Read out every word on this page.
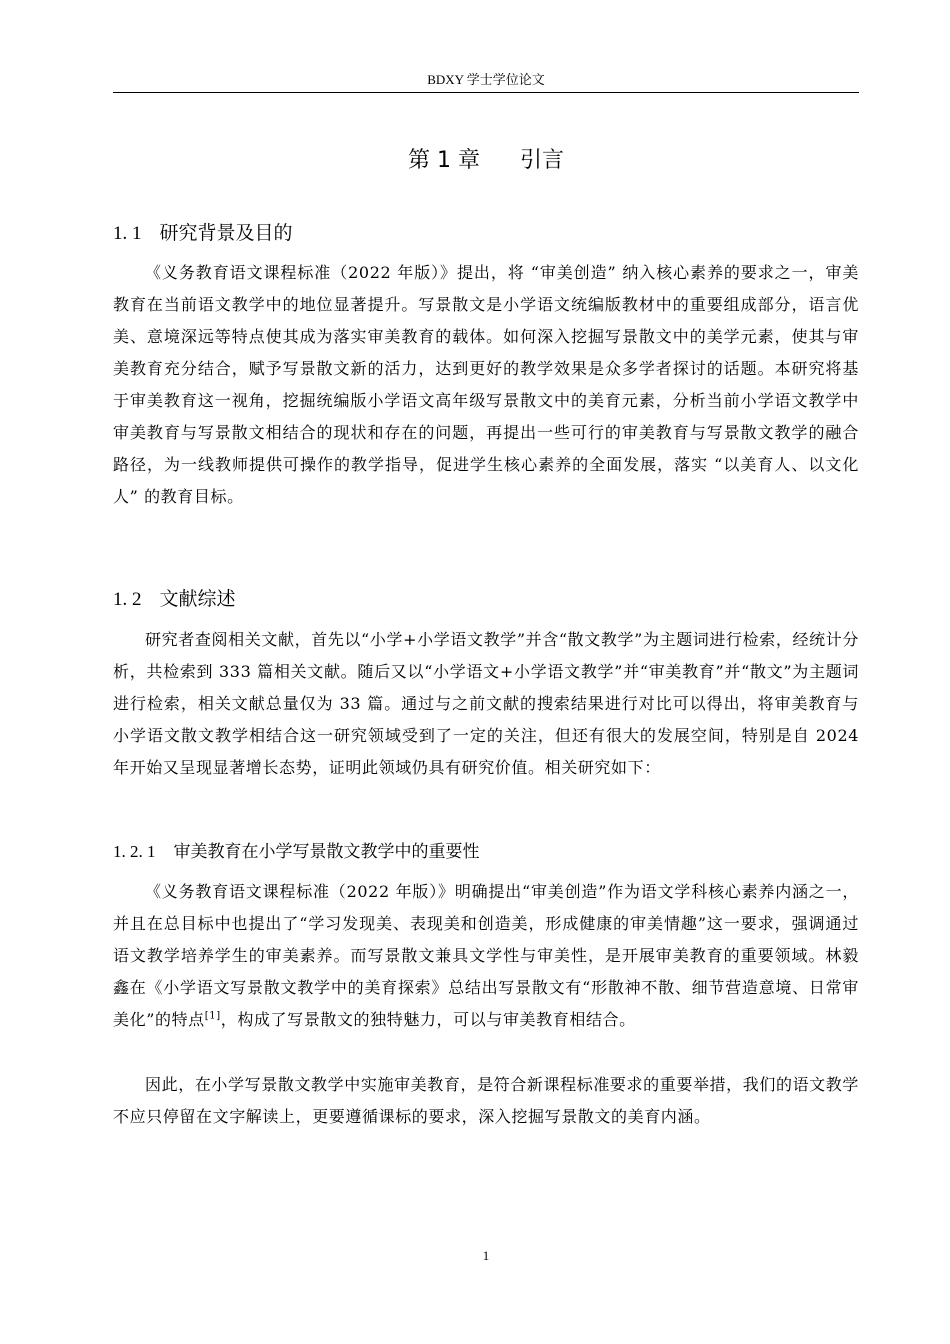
BDXY 学士学位论文
第 1 章 引言
1. 1 研究背景及目的
《义务教育语文课程标准（2022 年版）》提出，将 “审美创造” 纳入核心素养的要求之一，审美教育在当前语文教学中的地位显著提升。写景散文是小学语文统编版教材中的重要组成部分，语言优美、意境深远等特点使其成为落实审美教育的载体。如何深入挖掘写景散文中的美学元素，使其与审美教育充分结合，赋予写景散文新的活力，达到更好的教学效果是众多学者探讨的话题。本研究将基于审美教育这一视角，挖掘统编版小学语文高年级写景散文中的美育元素，分析当前小学语文教学中审美教育与写景散文相结合的现状和存在的问题，再提出一些可行的审美教育与写景散文教学的融合路径，为一线教师提供可操作的教学指导，促进学生核心素养的全面发展，落实 “以美育人、以文化人” 的教育目标。
1. 2 文献综述
研究者查阅相关文献，首先以“小学+小学语文教学”并含“散文教学”为主题词进行检索，经统计分析，共检索到 333 篇相关文献。随后又以“小学语文+小学语文教学”并“审美教育”并“散文”为主题词进行检索，相关文献总量仅为 33 篇。通过与之前文献的搜索结果进行对比可以得出，将审美教育与小学语文散文教学相结合这一研究领域受到了一定的关注，但还有很大的发展空间，特别是自 2024 年开始又呈现显著增长态势，证明此领域仍具有研究价值。相关研究如下：
1. 2. 1 审美教育在小学写景散文教学中的重要性
《义务教育语文课程标准（2022 年版）》明确提出“审美创造”作为语文学科核心素养内涵之一，并且在总目标中也提出了“学习发现美、表现美和创造美，形成健康的审美情趣”这一要求，强调通过语文教学培养学生的审美素养。而写景散文兼具文学性与审美性，是开展审美教育的重要领域。林毅鑫在《小学语文写景散文教学中的美育探索》总结出写景散文有“形散神不散、细节营造意境、日常审美化”的特点[1]，构成了写景散文的独特魅力，可以与审美教育相结合。
因此，在小学写景散文教学中实施审美教育，是符合新课程标准要求的重要举措，我们的语文教学不应只停留在文字解读上，更要遵循课标的要求，深入挖掘写景散文的美育内涵。
1
